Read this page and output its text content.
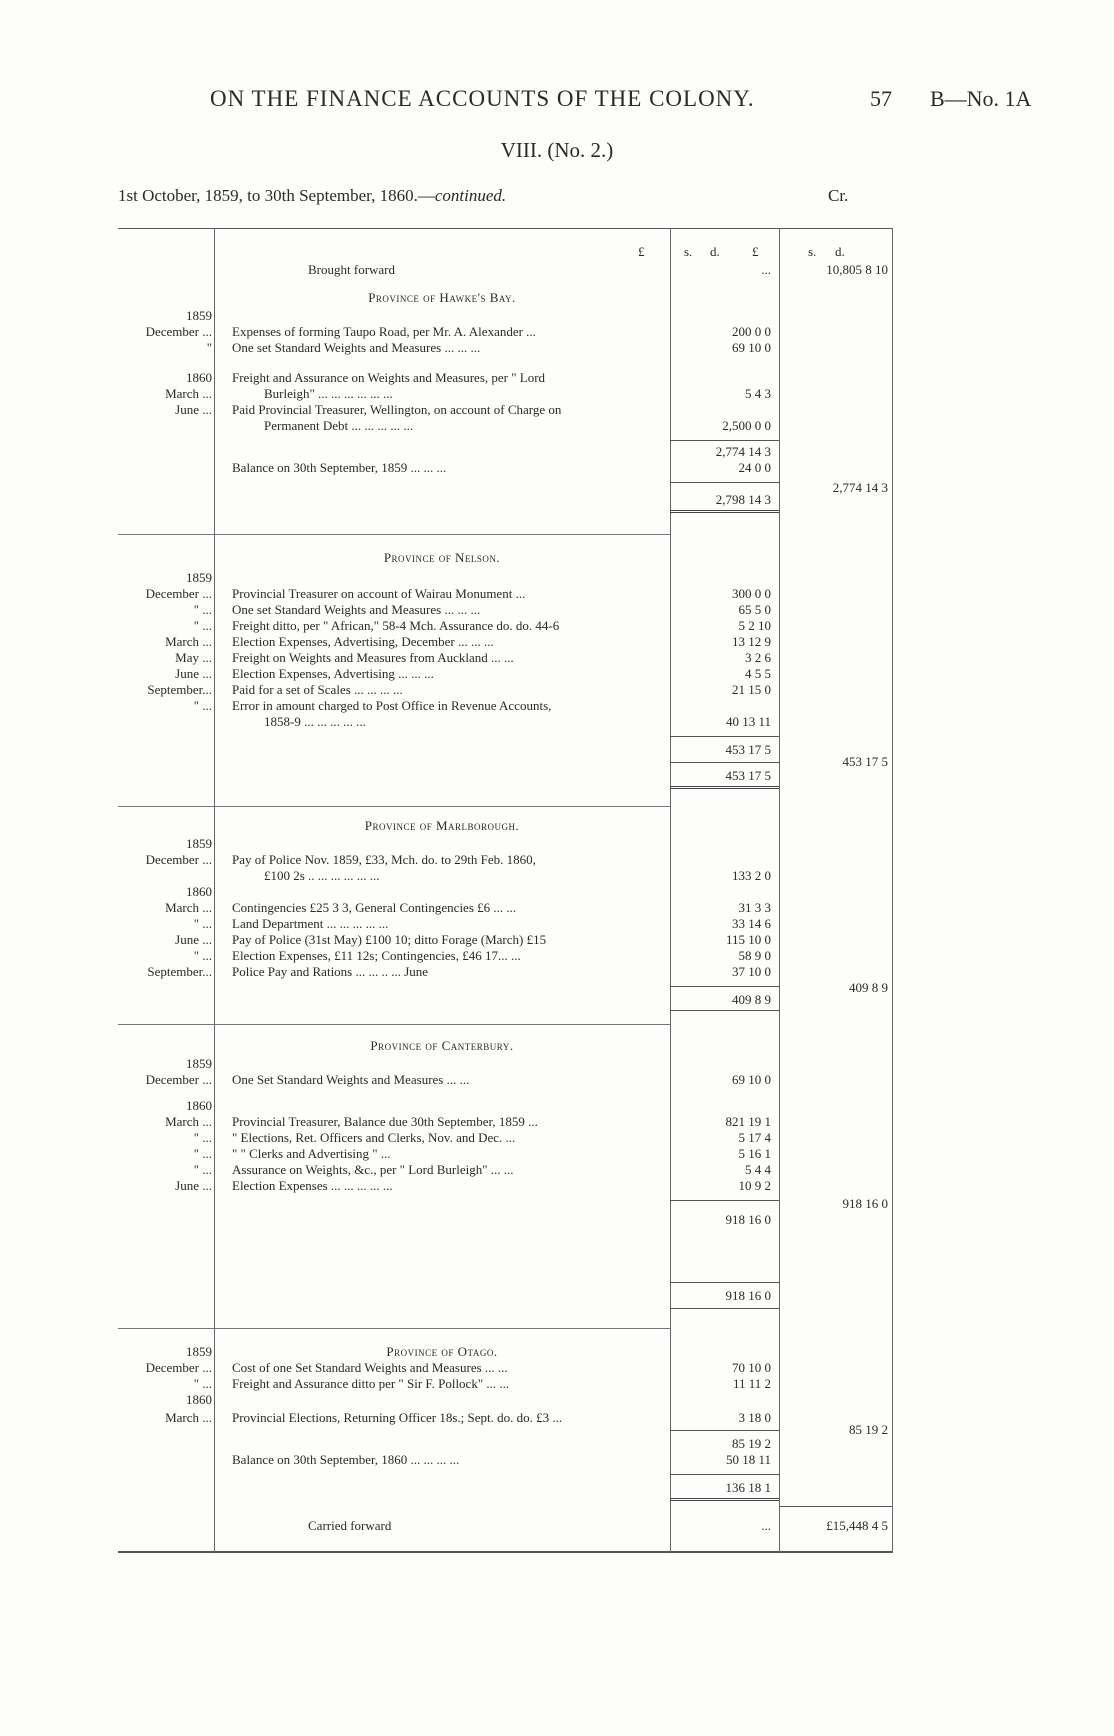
ON THE FINANCE ACCOUNTS OF THE COLONY.	57 B—No. 1A
VIII. (No. 2.)
1st October, 1859, to 30th September, 1860.—continued.	Cr.
£	s. d. £	s. d.
Brought forward	...	10,805 8 10
Province of Hawke's Bay.
1859
December ... Expenses of forming Taupo Road, per Mr. A. Alexander ...	200 0 0
" One set Standard Weights and Measures ... ... ...	69 10 0
1860 Freight and Assurance on Weights and Measures, per " Lord
March ...	Burleigh" ... ... ... ... ... ...	5 4 3
June ... Paid Provincial Treasurer, Wellington, on account of Charge on
Permanent Debt ... ... ... ... ...	2,500 0 0
2,774 14 3
Balance on 30th September, 1859 ... ... ...	24 0 0
2,774 14 3
2,798 14 3
Province of Nelson.
1859
December ... Provincial Treasurer on account of Wairau Monument ...	300 0 0
" ... One set Standard Weights and Measures ... ... ...	65 5 0
" ... Freight ditto, per " African," 58-4 Mch. Assurance do. do. 44-6	5 2 10
March ... Election Expenses, Advertising, December ... ... ...	13 12 9
May ... Freight on Weights and Measures from Auckland ... ...	3 2 6
June ... Election Expenses, Advertising ... ... ...	4 5 5
September... Paid for a set of Scales ... ... ... ...	21 15 0
" ... Error in amount charged to Post Office in Revenue Accounts,
1858-9 ... ... ... ... ...	40 13 11
453 17 5
453 17 5
453 17 5
Province of Marlborough.
1859
December ... Pay of Police Nov. 1859, £33, Mch. do. to 29th Feb. 1860,
£100 2s .. ... ... ... ... ...	133 2 0
1860
March ... Contingencies £25 3 3, General Contingencies £6 ... ...	31 3 3
" ... Land Department ... ... ... ... ...	33 14 6
June ... Pay of Police (31st May) £100 10; ditto Forage (March) £15	115 10 0
" ... Election Expenses, £11 12s; Contingencies, £46 17... ...	58 9 0
September... Police Pay and Rations ... ... .. ... June	37 10 0
409 8 9
409 8 9
Province of Canterbury.
1859
December ... One Set Standard Weights and Measures ... ...	69 10 0
1860
March ... Provincial Treasurer, Balance due 30th September, 1859 ...	821 19 1
" ... " Elections, Ret. Officers and Clerks, Nov. and Dec. ...	5 17 4
" ... " " Clerks and Advertising " ...	5 16 1
" ... Assurance on Weights, &c., per " Lord Burleigh" ... ...	5 4 4
June ... Election Expenses ... ... ... ... ...	10 9 2
918 16 0
918 16 0
918 16 0
Province of Otago.
1859
December ... Cost of one Set Standard Weights and Measures ... ...	70 10 0
" ... Freight and Assurance ditto per " Sir F. Pollock" ... ...	11 11 2
1860
March ... Provincial Elections, Returning Officer 18s.; Sept. do. do. £3 ...	3 18 0
85 19 2
85 19 2
Balance on 30th September, 1860 ... ... ... ...	50 18 11
136 18 1
Carried forward	...	£15,448 4 5
